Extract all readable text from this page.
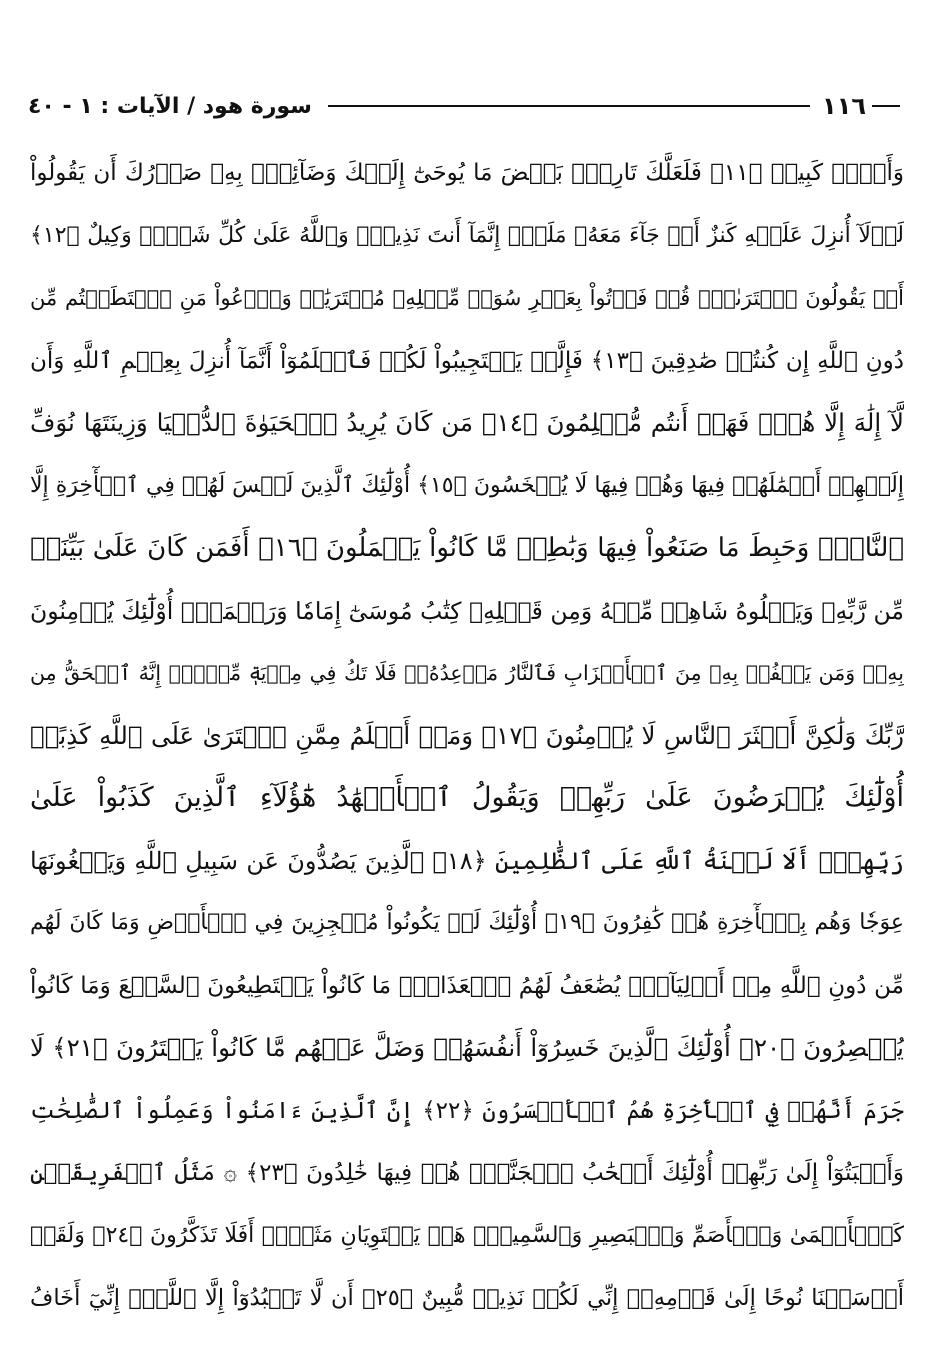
سورة هود / الآيات : ١ - ٤٠	١١٦
وَأَجۡرٞ كَبِيرٞ ﴿١١﴾ فَلَعَلَّكَ تَارِكُۢ بَعۡضَ مَا يُوحَىٰٓ إِلَيۡكَ وَضَآئِقُۢ بِهِۦ صَدۡرُكَ أَن يَقُولُواْ
لَوۡلَآ أُنزِلَ عَلَيۡهِ كَنزٌ أَوۡ جَآءَ مَعَهُۥ مَلَكٌۚ إِنَّمَآ أَنتَ نَذِيرٞۚ وَٱللَّهُ عَلَىٰ كُلِّ شَيۡءٖ وَكِيلٌ ﴿١٢﴾
أَمۡ يَقُولُونَ ٱفۡتَرَىٰهُۖ قُلۡ فَأۡتُواْ بِعَشۡرِ سُوَرٖ مِّثۡلِهِۦ مُفۡتَرَيَٰتٖ وَٱدۡعُواْ مَنِ ٱسۡتَطَعۡتُم مِّن
دُونِ ٱللَّهِ إِن كُنتُمۡ صَٰدِقِينَ ﴿١٣﴾ فَإِلَّمۡ يَسۡتَجِيبُواْ لَكُمۡ فَٱعۡلَمُوٓاْ أَنَّمَآ أُنزِلَ بِعِلۡمِ ٱللَّهِ وَأَن
لَّآ إِلَٰهَ إِلَّا هُوَۖ فَهَلۡ أَنتُم مُّسۡلِمُونَ ﴿١٤﴾ مَن كَانَ يُرِيدُ ٱلۡحَيَوٰةَ ٱلدُّنۡيَا وَزِينَتَهَا نُوَفِّ
إِلَيۡهِمۡ أَعۡمَٰلَهُمۡ فِيهَا وَهُمۡ فِيهَا لَا يُبۡخَسُونَ ﴿١٥﴾ أُوْلَٰٓئِكَ ٱلَّذِينَ لَيۡسَ لَهُمۡ فِي ٱلۡأٓخِرَةِ إِلَّا
ٱلنَّارُۖ وَحَبِطَ مَا صَنَعُواْ فِيهَا وَبَٰطِلٞ مَّا كَانُواْ يَعۡمَلُونَ ﴿١٦﴾ أَفَمَن كَانَ عَلَىٰ بَيِّنَةٖ
مِّن رَّبِّهِۦ وَيَتۡلُوهُ شَاهِدٞ مِّنۡهُ وَمِن قَبۡلِهِۦ كِتَٰبُ مُوسَىٰٓ إِمَامٗا وَرَحۡمَةًۚ أُوْلَٰٓئِكَ يُؤۡمِنُونَ
بِهِۦۚ وَمَن يَكۡفُرۡ بِهِۦ مِنَ ٱلۡأَحۡزَابِ فَٱلنَّارُ مَوۡعِدُهُۥۚ فَلَا تَكُ فِي مِرۡيَةٖ مِّنۡهُۚ إِنَّهُ ٱلۡحَقُّ مِن
رَّبِّكَ وَلَٰكِنَّ أَكۡثَرَ ٱلنَّاسِ لَا يُؤۡمِنُونَ ﴿١٧﴾ وَمَنۡ أَظۡلَمُ مِمَّنِ ٱفۡتَرَىٰ عَلَى ٱللَّهِ كَذِبًاۚ
أُوْلَٰٓئِكَ يُعۡرَضُونَ عَلَىٰ رَبِّهِمۡ وَيَقُولُ ٱلۡأَشۡهَٰدُ هَٰٓؤُلَآءِ ٱلَّذِينَ كَذَبُواْ عَلَىٰ
رَبِّهِمۡۚ أَلَا لَعۡنَةُ ٱللَّهِ عَلَى ٱلظَّٰلِمِينَ ﴿١٨﴾ ٱلَّذِينَ يَصُدُّونَ عَن سَبِيلِ ٱللَّهِ وَيَبۡغُونَهَا
عِوَجٗا وَهُم بِٱلۡأٓخِرَةِ هُمۡ كَٰفِرُونَ ﴿١٩﴾ أُوْلَٰٓئِكَ لَمۡ يَكُونُواْ مُعۡجِزِينَ فِي ٱلۡأَرۡضِ وَمَا كَانَ لَهُم
مِّن دُونِ ٱللَّهِ مِنۡ أَوۡلِيَآءَۘ يُضَٰعَفُ لَهُمُ ٱلۡعَذَابُۚ مَا كَانُواْ يَسۡتَطِيعُونَ ٱلسَّمۡعَ وَمَا كَانُواْ
يُبۡصِرُونَ ﴿٢٠﴾ أُوْلَٰٓئِكَ ٱلَّذِينَ خَسِرُوٓاْ أَنفُسَهُمۡ وَضَلَّ عَنۡهُم مَّا كَانُواْ يَفۡتَرُونَ ﴿٢١﴾ لَا
جَرَمَ أَنَّهُمۡ فِي ٱلۡأٓخِرَةِ هُمُ ٱلۡأَخۡسَرُونَ ﴿٢٢﴾ إِنَّ ٱلَّذِينَ ءَامَنُواْ وَعَمِلُواْ ٱلصَّٰلِحَٰتِ
وَأَخۡبَتُوٓاْ إِلَىٰ رَبِّهِمۡ أُوْلَٰٓئِكَ أَصۡحَٰبُ ٱلۡجَنَّةِۖ هُمۡ فِيهَا خَٰلِدُونَ ﴿٢٣﴾ ۞ مَثَلُ ٱلۡفَرِيقَيۡنِ
كَٱلۡأَعۡمَىٰ وَٱلۡأَصَمِّ وَٱلۡبَصِيرِ وَٱلسَّمِيعِۚ هَلۡ يَسۡتَوِيَانِ مَثَلًاۚ أَفَلَا تَذَكَّرُونَ ﴿٢٤﴾ وَلَقَدۡ
أَرۡسَلۡنَا نُوحًا إِلَىٰ قَوۡمِهِۦٓ إِنِّي لَكُمۡ نَذِيرٞ مُّبِينٌ ﴿٢٥﴾ أَن لَّا تَعۡبُدُوٓاْ إِلَّا ٱللَّهَۖ إِنِّيٓ أَخَافُ
